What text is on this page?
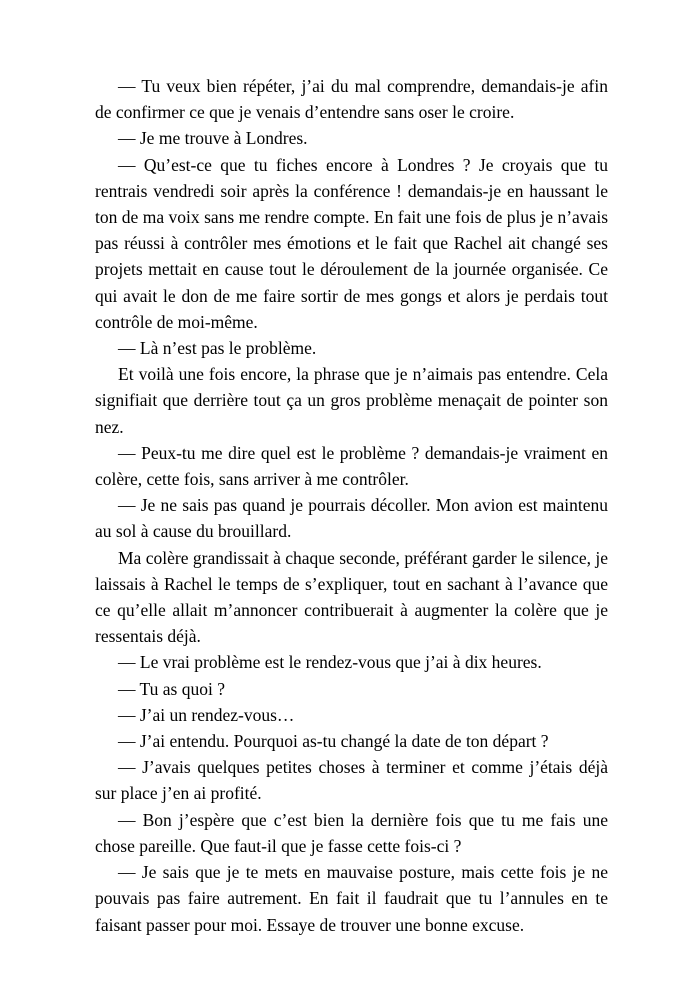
— Tu veux bien répéter, j’ai du mal comprendre, demandais-je afin de confirmer ce que je venais d’entendre sans oser le croire.

— Je me trouve à Londres.

— Qu’est-ce que tu fiches encore à Londres ? Je croyais que tu rentrais vendredi soir après la conférence ! demandais-je en haussant le ton de ma voix sans me rendre compte. En fait une fois de plus je n’avais pas réussi à contrôler mes émotions et le fait que Rachel ait changé ses projets mettait en cause tout le déroulement de la journée organisée. Ce qui avait le don de me faire sortir de mes gongs et alors je perdais tout contrôle de moi-même.

— Là n’est pas le problème.

Et voilà une fois encore, la phrase que je n’aimais pas entendre. Cela signifiait que derrière tout ça un gros problème menaçait de pointer son nez.

— Peux-tu me dire quel est le problème ? demandais-je vraiment en colère, cette fois, sans arriver à me contrôler.

— Je ne sais pas quand je pourrais décoller. Mon avion est maintenu au sol à cause du brouillard.

Ma colère grandissait à chaque seconde, préférant garder le silence, je laissais à Rachel le temps de s’expliquer, tout en sachant à l’avance que ce qu’elle allait m’annoncer contribuerait à augmenter la colère que je ressentais déjà.

— Le vrai problème est le rendez-vous que j’ai à dix heures.

— Tu as quoi ?

— J’ai un rendez-vous…

— J’ai entendu. Pourquoi as-tu changé la date de ton départ ?

— J’avais quelques petites choses à terminer et comme j’étais déjà sur place j’en ai profité.

— Bon j’espère que c’est bien la dernière fois que tu me fais une chose pareille. Que faut-il que je fasse cette fois-ci ?

— Je sais que je te mets en mauvaise posture, mais cette fois je ne pouvais pas faire autrement. En fait il faudrait que tu l’annules en te faisant passer pour moi. Essaye de trouver une bonne excuse.
